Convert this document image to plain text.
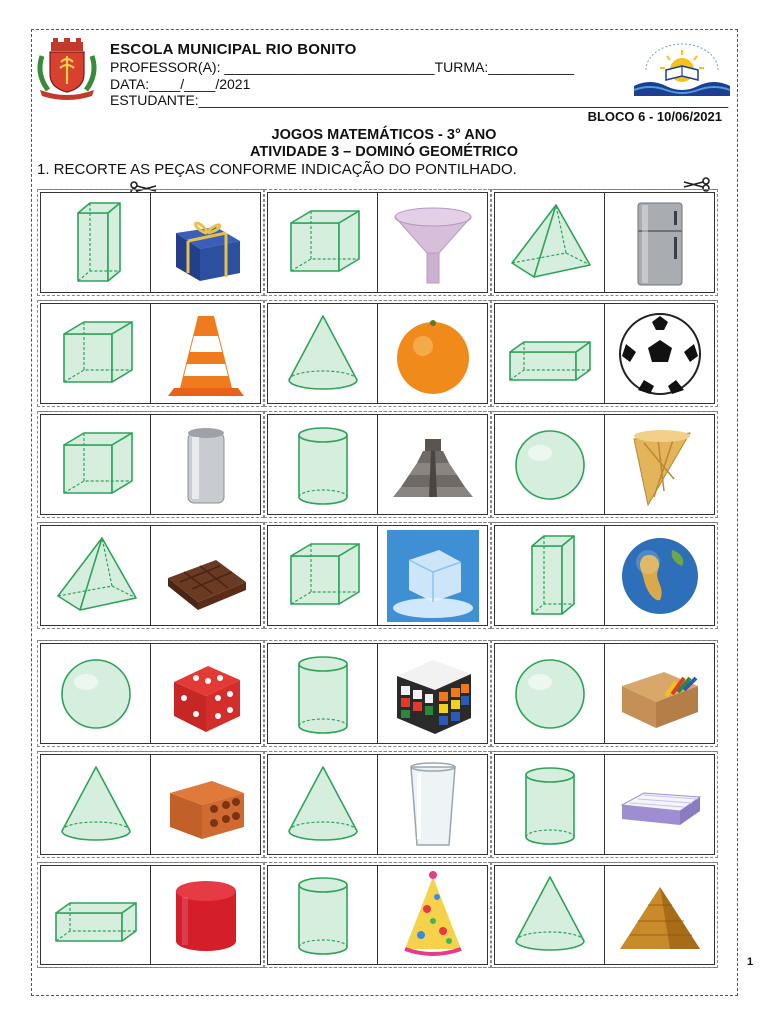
ESCOLA MUNICIPAL RIO BONITO
PROFESSOR(A): ___________________________TURMA:___________
DATA:____/____/2021
ESTUDANTE:____________________________________________________________________
BLOCO 6 - 10/06/2021
JOGOS MATEMÁTICOS - 3° ANO
ATIVIDADE 3 – DOMINÓ GEOMÉTRICO
1. RECORTE AS PEÇAS CONFORME INDICAÇÃO DO PONTILHADO.
1
